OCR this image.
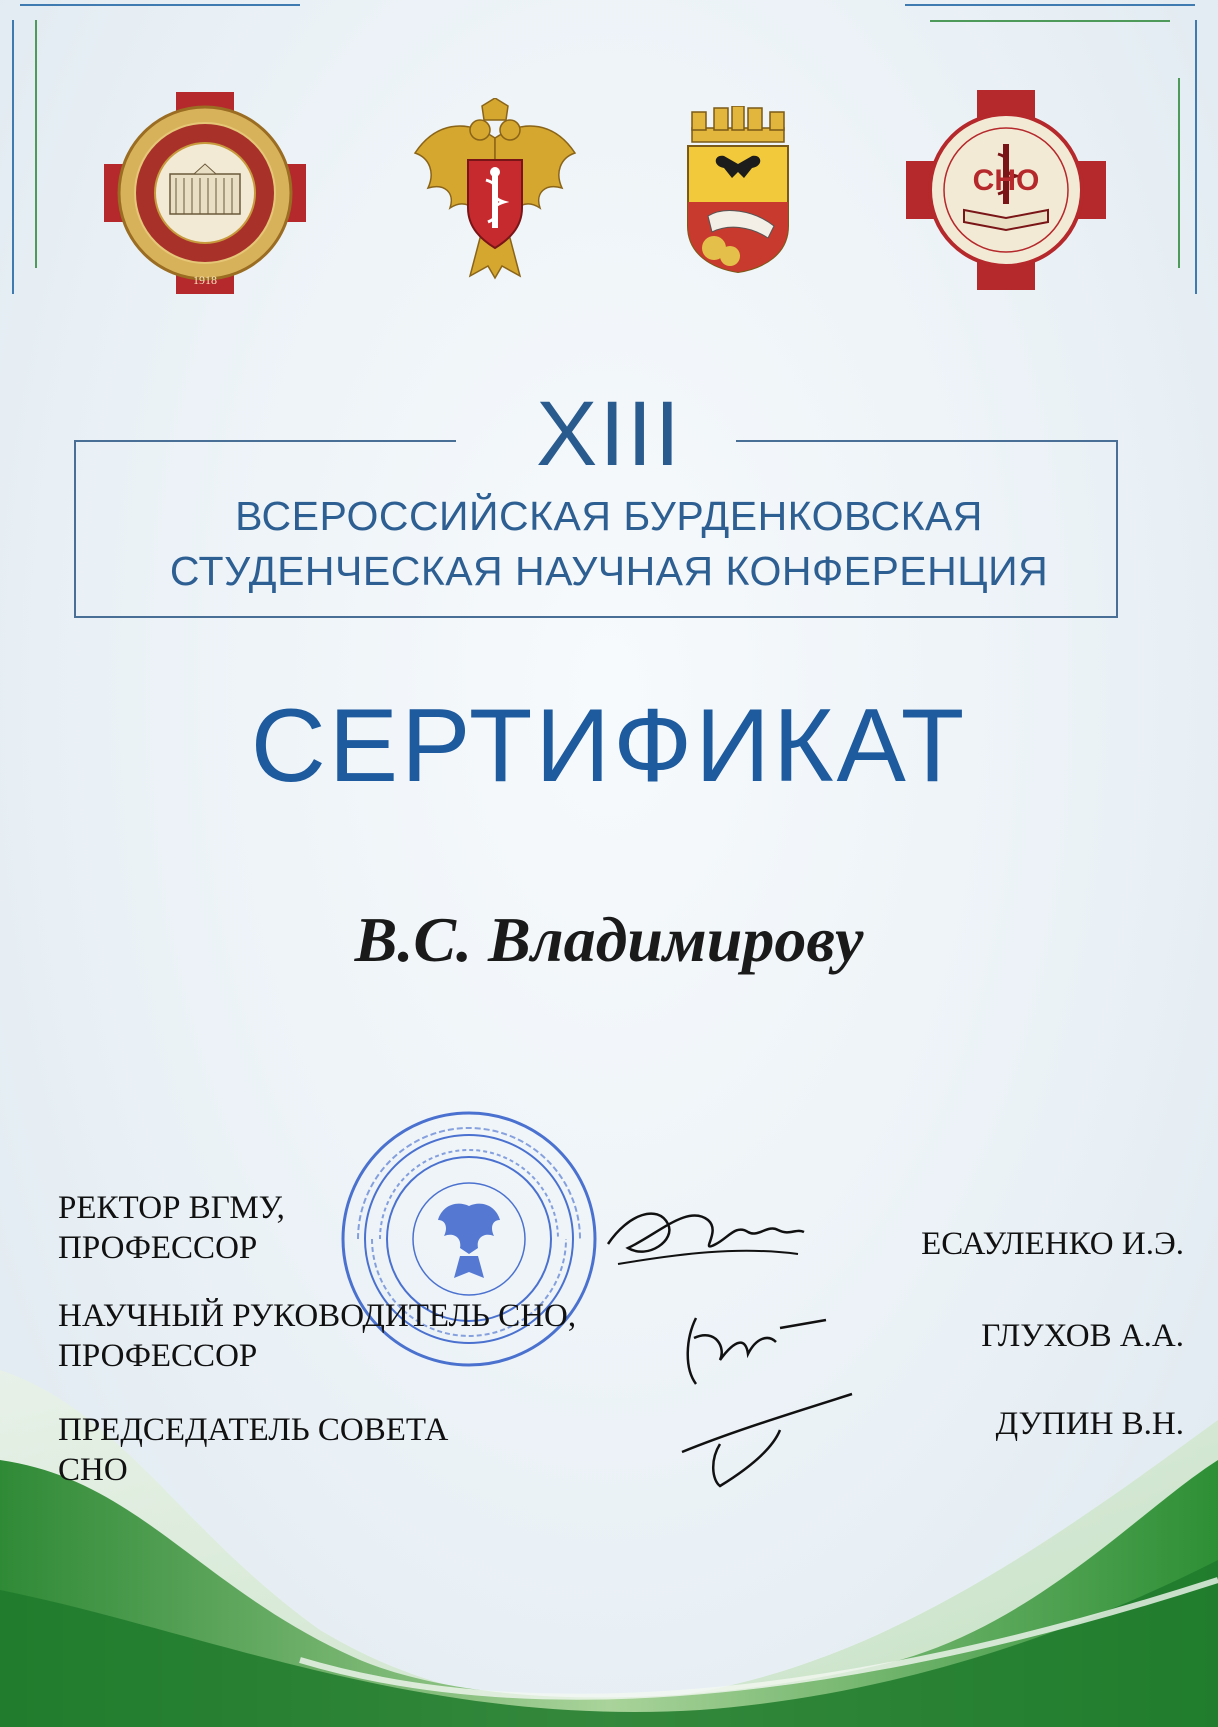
1918
СНО
XIII
ВСЕРОССИЙСКАЯ БУРДЕНКОВСКАЯ
СТУДЕНЧЕСКАЯ НАУЧНАЯ КОНФЕРЕНЦИЯ
СЕРТИФИКАТ
В.С. Владимирову
РЕКТОР ВГМУ,
ПРОФЕССОР
НАУЧНЫЙ РУКОВОДИТЕЛЬ СНО,
ПРОФЕССОР
ПРЕДСЕДАТЕЛЬ СОВЕТА
СНО
ЕСАУЛЕНКО И.Э.
ГЛУХОВ А.А.
ДУПИН В.Н.
